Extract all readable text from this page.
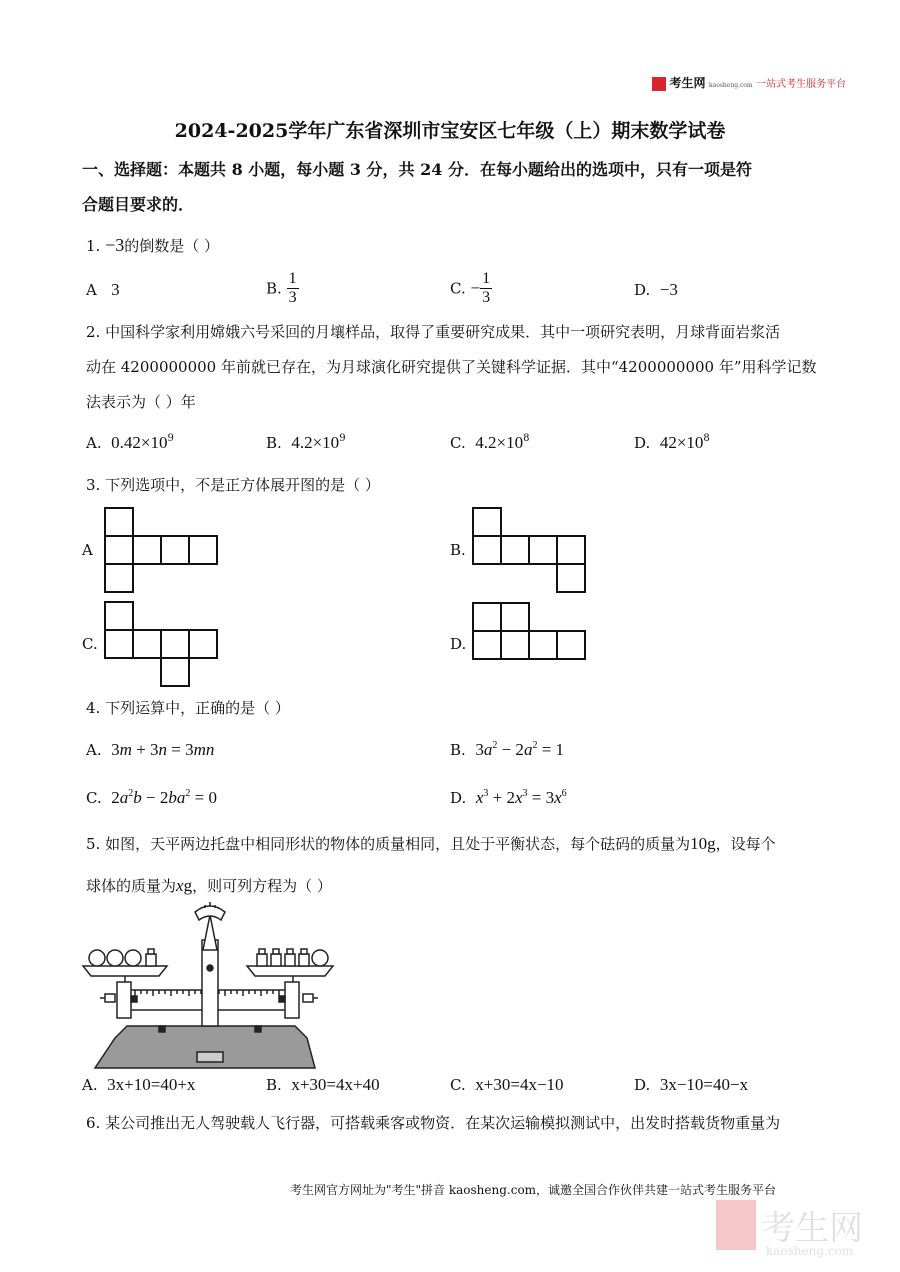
考生网 kaosheng.com 一站式考生服务平台
2024-2025学年广东省深圳市宝安区七年级（上）期末数学试卷
一、选择题：本题共 8 小题，每小题 3 分，共 24 分．在每小题给出的选项中，只有一项是符
合题目要求的．
1. −3的倒数是（ ）
A 3	B. $\frac{1}{3}$	C. − $\frac{1}{3}$	D. −3
2. 中国科学家利用嫦娥六号采回的月壤样品，取得了重要研究成果．其中一项研究表明，月球背面岩浆活
动在 4200000000 年前就已存在，为月球演化研究提供了关键科学证据．其中“4200000000 年”用科学记数
法表示为（ ）年
A. $0.42\times 10^9$	B. $4.2\times 10^9$	C. $4.2\times 10^8$	D. $42\times 10^8$
3. 下列选项中，不是正方体展开图的是（ ）
A	B.
C.	D.
4. 下列运算中，正确的是（ ）
A. 3m + 3n = 3mn	B. $3a^2 - 2a^2 = 1$
C. $2a^2b - 2ba^2 = 0$	D. $x^3 + 2x^3 = 3x^6$
5. 如图，天平两边托盘中相同形状的物体的质量相同，且处于平衡状态，每个砝码的质量为10g，设每个
球体的质量为xg，则可列方程为（ ）
A. 3x+10=40+x	B. x+30=4x+40	C. x+30=4x−10	D. 3x−10=40−x
6. 某公司推出无人驾驶载人飞行器，可搭载乘客或物资．在某次运输模拟测试中，出发时搭载货物重量为
考生网官方网址为"考生"拼音 kaosheng.com，诚邀全国合作伙伴共建一站式考生服务平台
考生网
kaosheng.com
